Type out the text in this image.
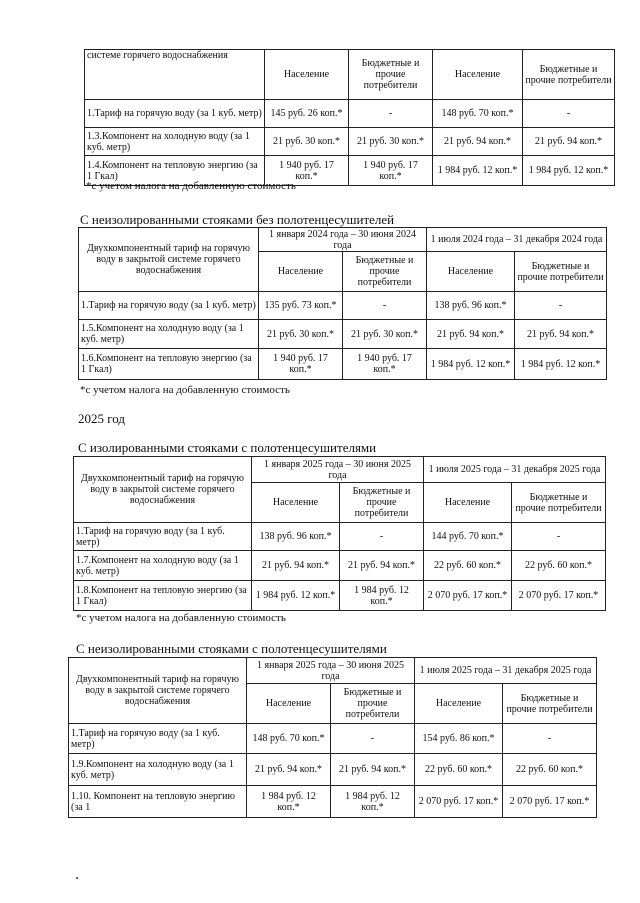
системе горячего водоснабжения	Население	Бюджетные и прочие потребители	Население	Бюджетные и прочие потребители
1.Тариф на горячую воду (за 1 куб. метр)	145 руб. 26 коп.*	-	148 руб. 70 коп.*	-
1.3.Компонент на холодную воду (за 1 куб. метр)	21 руб. 30 коп.*	21 руб. 30 коп.*	21 руб. 94 коп.*	21 руб. 94 коп.*
1.4.Компонент на тепловую энергию (за 1 Гкал)	1 940 руб. 17 коп.*	1 940 руб. 17 коп.*	1 984 руб. 12 коп.*	1 984 руб. 12 коп.*
*с учетом налога на добавленную стоимость
С неизолированными стояками без полотенцесушителей
Двухкомпонентный тариф на горячую воду в закрытой системе горячего водоснабжения	1 января 2024 года – 30 июня 2024 года		1 июля 2024 года – 31 декабря 2024 года	
	Население	Бюджетные и прочие потребители	Население	Бюджетные и прочие потребители
1.Тариф на горячую воду (за 1 куб. метр)	135 руб. 73 коп.*	-	138 руб. 96 коп.*	-
1.5.Компонент на холодную воду (за 1 куб. метр)	21 руб. 30 коп.*	21 руб. 30 коп.*	21 руб. 94 коп.*	21 руб. 94 коп.*
1.6.Компонент на тепловую энергию (за 1 Гкал)	1 940 руб. 17 коп.*	1 940 руб. 17 коп.*	1 984 руб. 12 коп.*	1 984 руб. 12 коп.*
*с учетом налога на добавленную стоимость
2025 год
С изолированными стояками с полотенцесушителями
Двухкомпонентный тариф на горячую воду в закрытой системе горячего водоснабжения	1 января 2025 года – 30 июня 2025 года		1 июля 2025 года – 31 декабря 2025 года	
	Население	Бюджетные и прочие потребители	Население	Бюджетные и прочие потребители
1.Тариф на горячую воду (за 1 куб. метр)	138 руб. 96 коп.*	-	144 руб. 70 коп.*	-
1.7.Компонент на холодную воду (за 1 куб. метр)	21 руб. 94 коп.*	21 руб. 94 коп.*	22 руб. 60 коп.*	22 руб. 60 коп.*
1.8.Компонент на тепловую энергию (за 1 Гкал)	1 984 руб. 12 коп.*	1 984 руб. 12 коп.*	2 070 руб. 17 коп.*	2 070 руб. 17 коп.*
*с учетом налога на добавленную стоимость
С неизолированными стояками с полотенцесушителями
Двухкомпонентный тариф на горячую воду в закрытой системе горячего водоснабжения	1 января 2025 года – 30 июня 2025 года		1 июля 2025 года – 31 декабря 2025 года	
	Население	Бюджетные и прочие потребители	Население	Бюджетные и прочие потребители
1.Тариф на горячую воду (за 1 куб. метр)	148 руб. 70 коп.*	-	154 руб. 86 коп.*	-
1.9.Компонент на холодную воду (за 1 куб. метр)	21 руб. 94 коп.*	21 руб. 94 коп.*	22 руб. 60 коп.*	22 руб. 60 коп.*
1.10. Компонент на тепловую энергию (за 1	1 984 руб. 12 коп.*	1 984 руб. 12 коп.*	2 070 руб. 17 коп.*	2 070 руб. 17 коп.*
